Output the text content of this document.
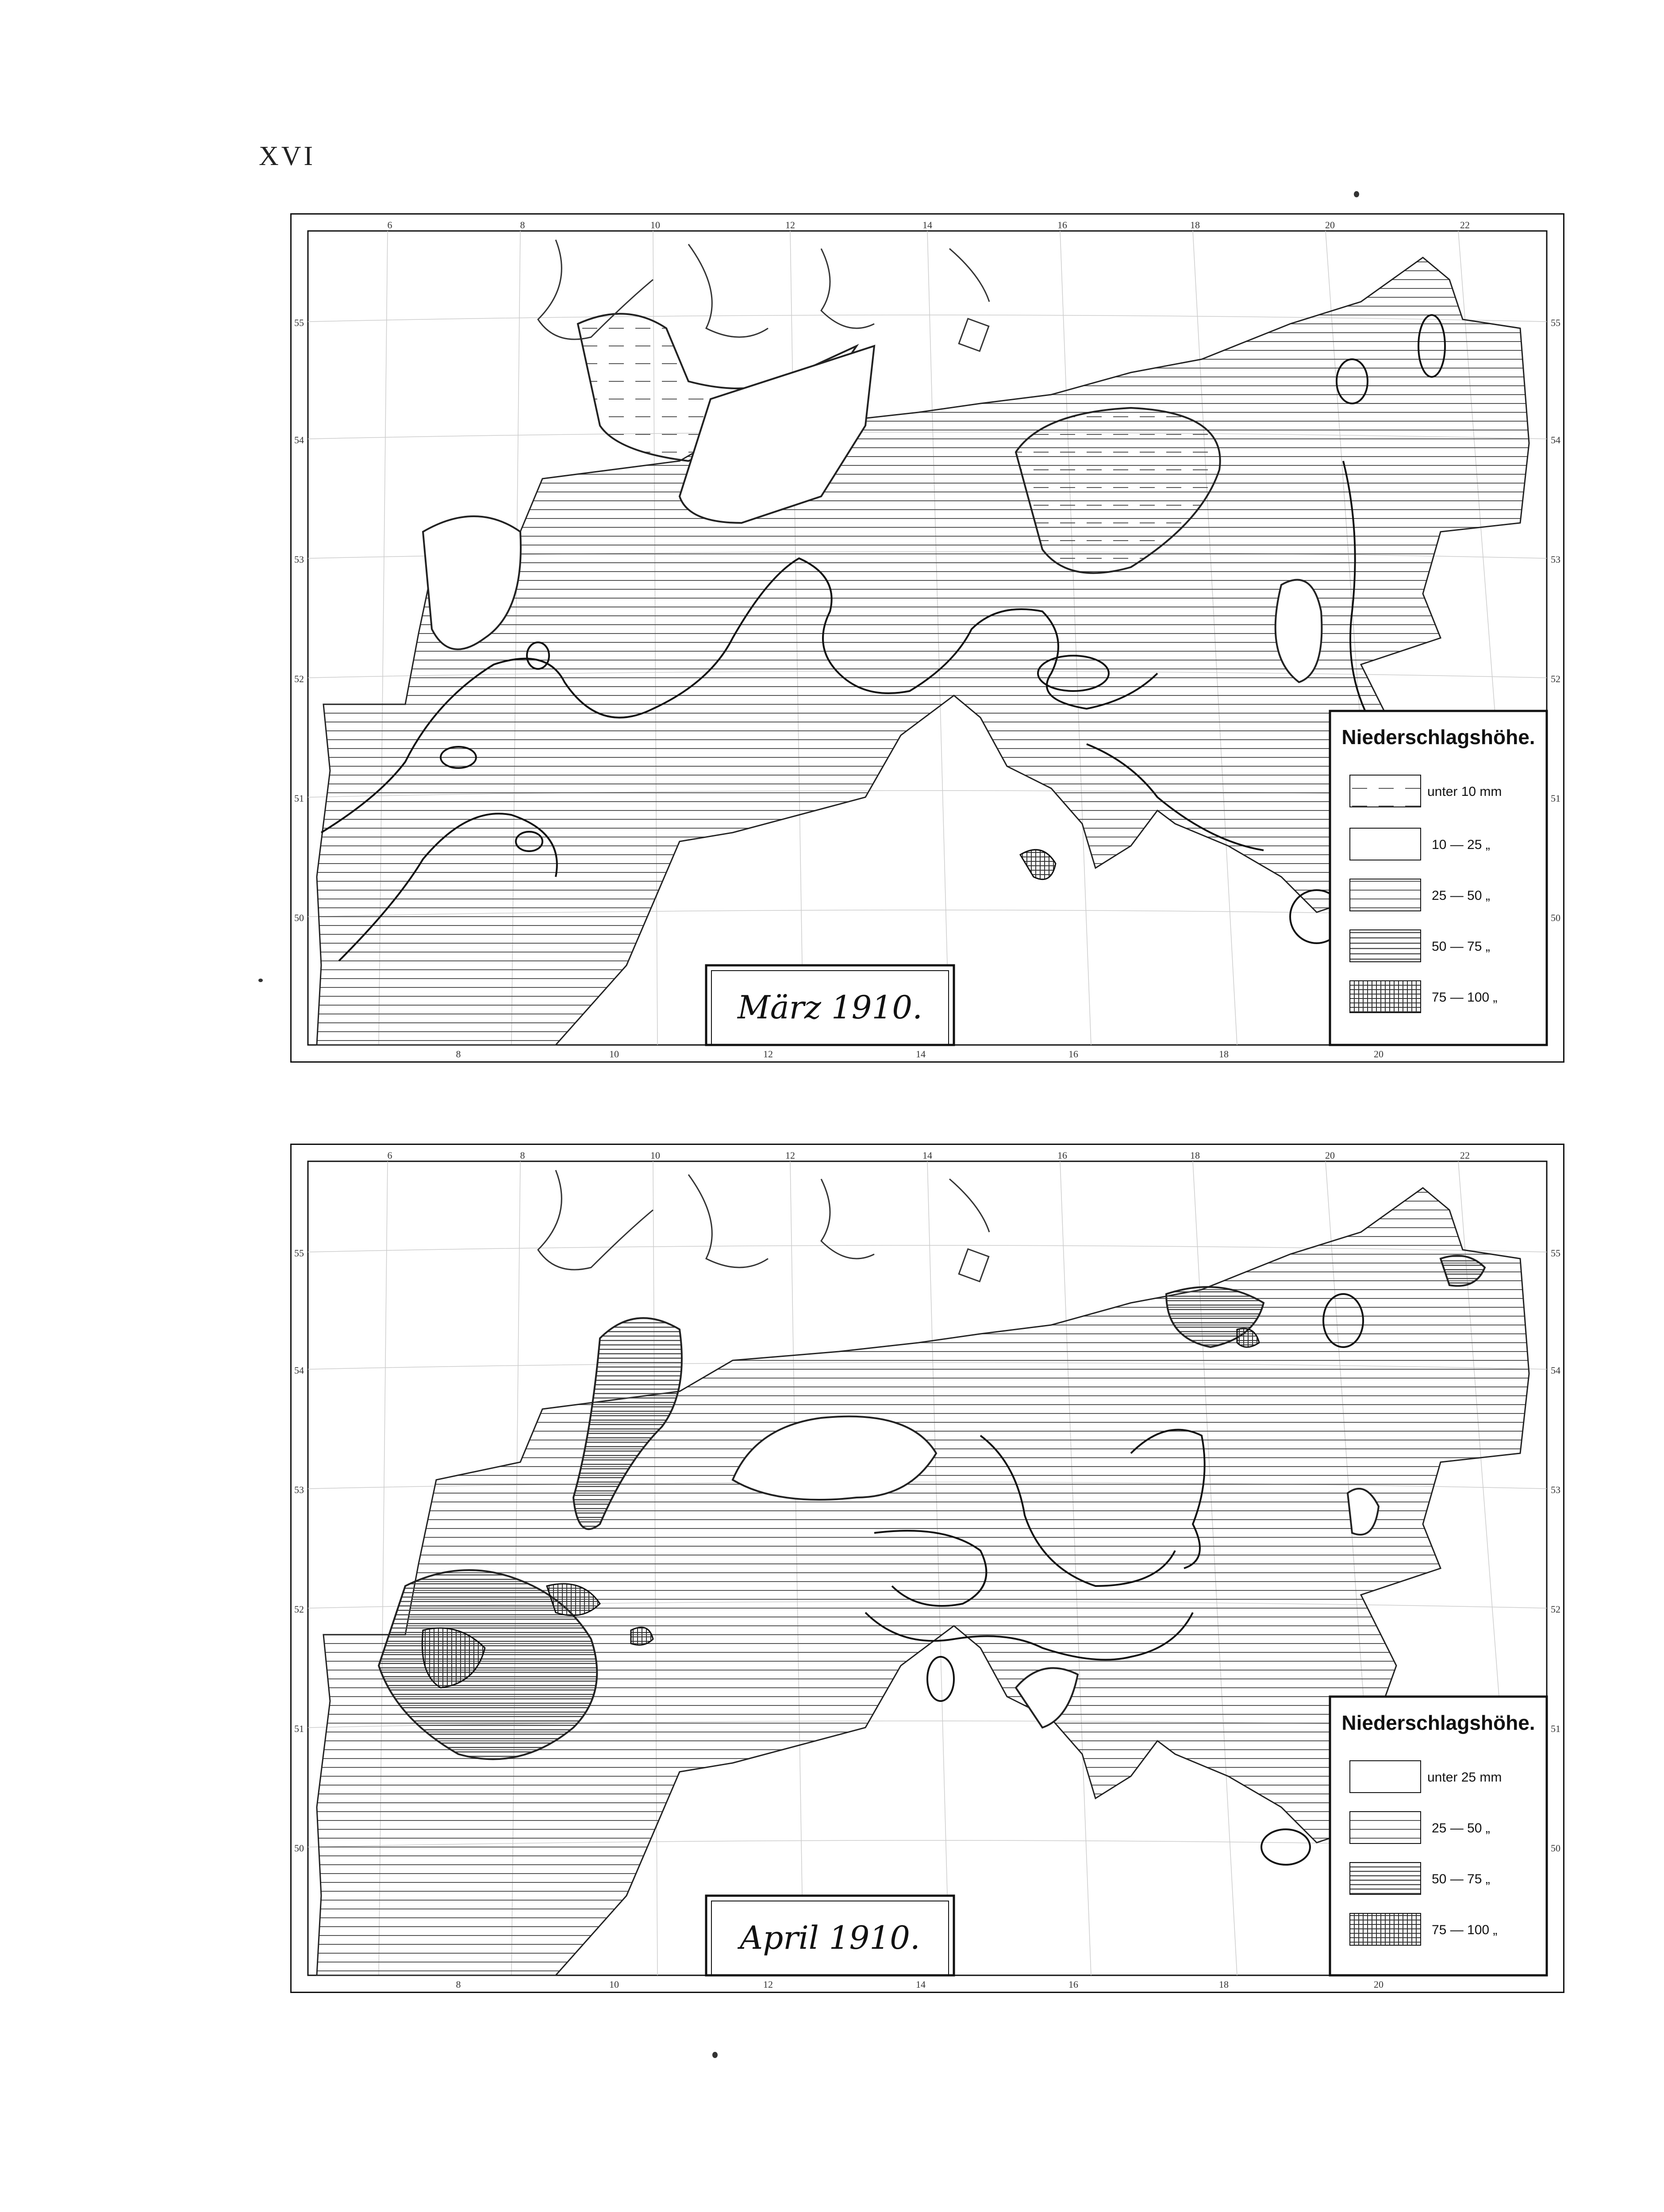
XVI
6	8	10	12	14	16	18	20	22
8	10	12	14	16	18	20
55
54
53
52
51
50
55
54
53
52
51
50
März 1910.
Niederschlagshöhe.
unter 10 mm
10 — 25 „
25 — 50 „
50 — 75 „
75 — 100 „
6	8	10	12	14	16	18	20	22
8	10	12	14	16	18	20
55
54
53
52
51
50
55
54
53
52
51
50
April 1910.
Niederschlagshöhe.
unter 25 mm
25 — 50 „
50 — 75 „
75 — 100 „
